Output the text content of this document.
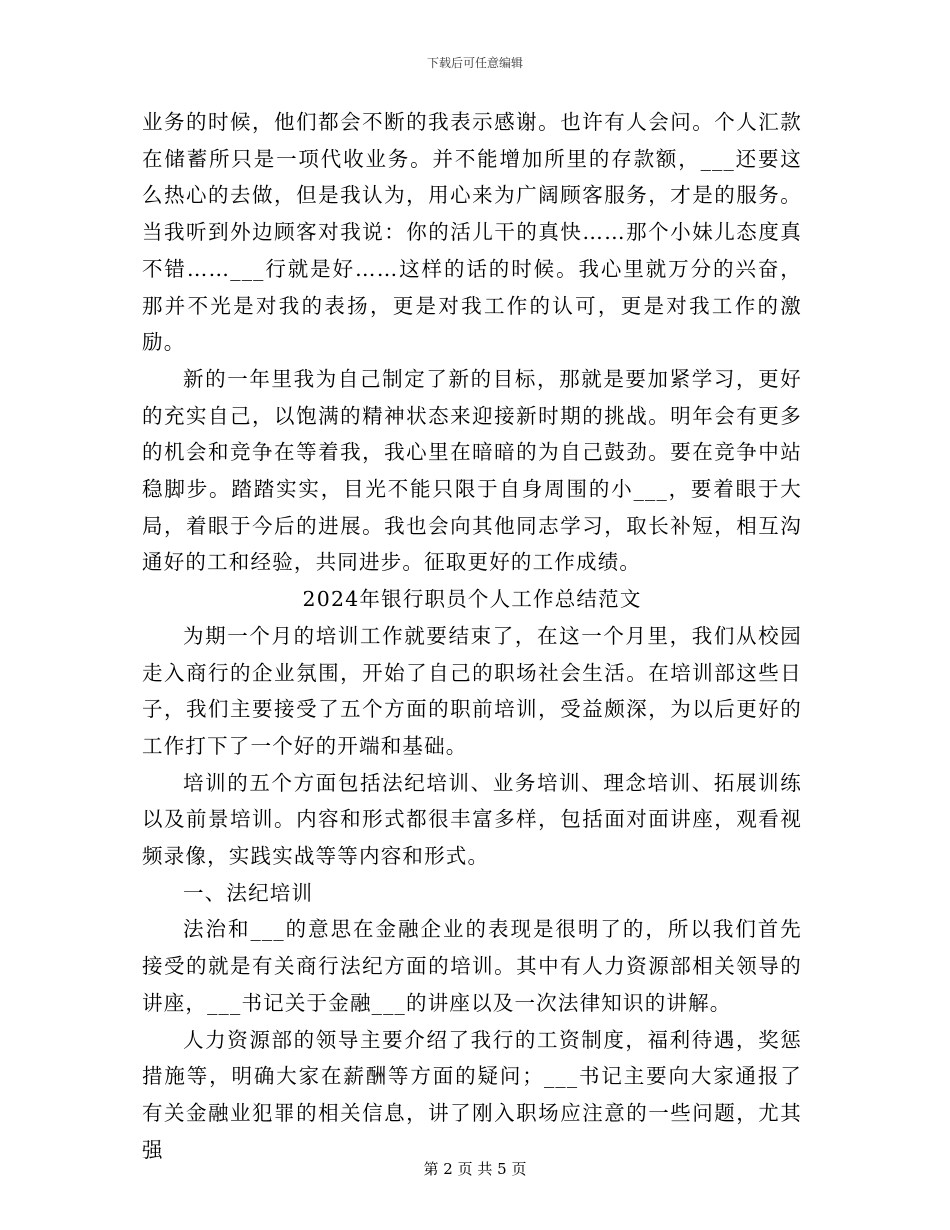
下载后可任意编辑

业务的时候，他们都会不断的我表示感谢。也许有人会问。个人汇款在储蓄所只是一项代收业务。并不能增加所里的存款额，___还要这么热心的去做，但是我认为，用心来为广阔顾客服务，才是的服务。当我听到外边顾客对我说：你的活儿干的真快……那个小妹儿态度真不错……___行就是好……这样的话的时候。我心里就万分的兴奋，那并不光是对我的表扬，更是对我工作的认可，更是对我工作的激励。

新的一年里我为自己制定了新的目标，那就是要加紧学习，更好的充实自己，以饱满的精神状态来迎接新时期的挑战。明年会有更多的机会和竞争在等着我，我心里在暗暗的为自己鼓劲。要在竞争中站稳脚步。踏踏实实，目光不能只限于自身周围的小___，要着眼于大局，着眼于今后的进展。我也会向其他同志学习，取长补短，相互沟通好的工和经验，共同进步。征取更好的工作成绩。

2024年银行职员个人工作总结范文

为期一个月的培训工作就要结束了，在这一个月里，我们从校园走入商行的企业氛围，开始了自己的职场社会生活。在培训部这些日子，我们主要接受了五个方面的职前培训，受益颇深，为以后更好的工作打下了一个好的开端和基础。

培训的五个方面包括法纪培训、业务培训、理念培训、拓展训练以及前景培训。内容和形式都很丰富多样，包括面对面讲座，观看视频录像，实践实战等等内容和形式。

一、法纪培训

法治和___的意思在金融企业的表现是很明了的，所以我们首先接受的就是有关商行法纪方面的培训。其中有人力资源部相关领导的讲座，___书记关于金融___的讲座以及一次法律知识的讲解。

人力资源部的领导主要介绍了我行的工资制度，福利待遇，奖惩措施等，明确大家在薪酬等方面的疑问；___书记主要向大家通报了有关金融业犯罪的相关信息，讲了刚入职场应注意的一些问题，尤其强

第 2 页 共 5 页
